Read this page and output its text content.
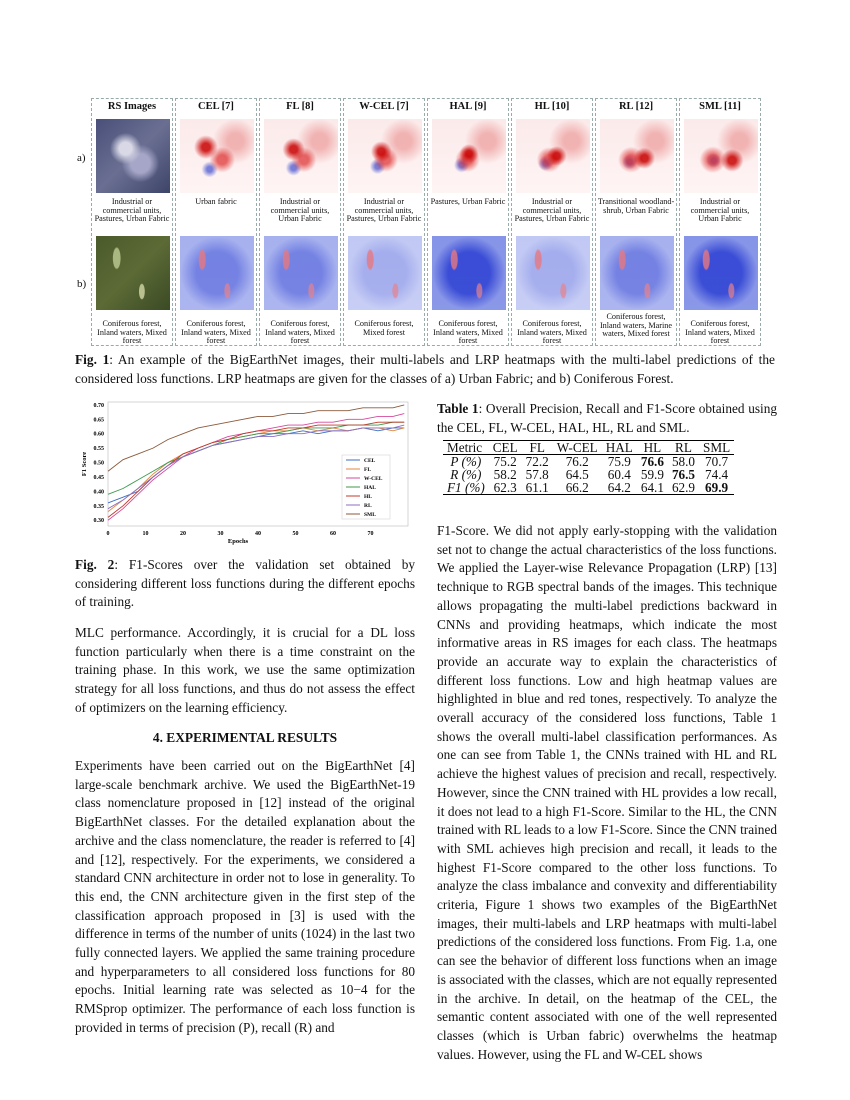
a)
b)
RS Images
Industrial or commercial units, Pastures, Urban Fabric
Coniferous forest, Inland waters, Mixed forest
CEL [7]
Urban fabric
Coniferous forest, Inland waters, Mixed forest
FL [8]
Industrial or commercial units, Urban Fabric
Coniferous forest, Inland waters, Mixed forest
W-CEL [7]
Industrial or commercial units, Pastures, Urban Fabric
Coniferous forest, Mixed forest
HAL [9]
Pastures, Urban Fabric
Coniferous forest, Inland waters, Mixed forest
HL [10]
Industrial or commercial units, Pastures, Urban Fabric
Coniferous forest, Inland waters, Mixed forest
RL [12]
Transitional woodland-shrub, Urban Fabric
Coniferous forest, Inland waters, Marine waters, Mixed forest
SML [11]
Industrial or commercial units, Urban Fabric
Coniferous forest, Inland waters, Mixed forest
Fig. 1: An example of the BigEarthNet images, their multi-labels and LRP heatmaps with the multi-label predictions of the considered loss functions. LRP heatmaps are given for the classes of a) Urban Fabric; and b) Coniferous Forest.
0.30
0.35
0.40
0.45
0.50
0.55
0.60
0.65
0.70
0	10	20	30	40	50	60	70
Epochs
F1 Score	CEL
FL
W-CEL
HAL
HL
RL
SML
Fig. 2: F1-Scores over the validation set obtained by considering different loss functions during the different epochs of training.
MLC performance. Accordingly, it is crucial for a DL loss function particularly when there is a time constraint on the training phase. In this work, we use the same optimization strategy for all loss functions, and thus do not assess the effect of optimizers on the learning efficiency.
4. EXPERIMENTAL RESULTS
Experiments have been carried out on the BigEarthNet [4] large-scale benchmark archive. We used the BigEarthNet-19 class nomenclature proposed in [12] instead of the original BigEarthNet classes. For the detailed explanation about the archive and the class nomenclature, the reader is referred to [4] and [12], respectively. For the experiments, we considered a standard CNN architecture in order not to lose in generality. To this end, the CNN architecture given in the first step of the classification approach proposed in [3] is used with the difference in terms of the number of units (1024) in the last two fully connected layers. We applied the same training procedure and hyperparameters to all considered loss functions for 80 epochs. Initial learning rate was selected as 10−4 for the RMSprop optimizer. The performance of each loss function is provided in terms of precision (P), recall (R) and
Table 1: Overall Precision, Recall and F1-Score obtained using the CEL, FL, W-CEL, HAL, HL, RL and SML.
Metric	CEL	FL	W-CEL	HAL	HL	RL	SML
P (%)	75.2	72.2	76.2	75.9	76.6	58.0	70.7
R (%)	58.2	57.8	64.5	60.4	59.9	76.5	74.4
F1 (%)	62.3	61.1	66.2	64.2	64.1	62.9	69.9
F1-Score. We did not apply early-stopping with the validation set not to change the actual characteristics of the loss functions. We applied the Layer-wise Relevance Propagation (LRP) [13] technique to RGB spectral bands of the images. This technique allows propagating the multi-label predictions backward in CNNs and providing heatmaps, which indicate the most informative areas in RS images for each class. The heatmaps provide an accurate way to explain the characteristics of different loss functions. Low and high heatmap values are highlighted in blue and red tones, respectively. To analyze the overall accuracy of the considered loss functions, Table 1 shows the overall multi-label classification performances. As one can see from Table 1, the CNNs trained with HL and RL achieve the highest values of precision and recall, respectively. However, since the CNN trained with HL provides a low recall, it does not lead to a high F1-Score. Similar to the HL, the CNN trained with RL leads to a low F1-Score. Since the CNN trained with SML achieves high precision and recall, it leads to the highest F1-Score compared to the other loss functions. To analyze the class imbalance and convexity and differentiability criteria, Figure 1 shows two examples of the BigEarthNet images, their multi-labels and LRP heatmaps with multi-label predictions of the considered loss functions. From Fig. 1.a, one can see the behavior of different loss functions when an image is associated with the classes, which are not equally represented in the archive. In detail, on the heatmap of the CEL, the semantic content associated with one of the well represented classes (which is Urban fabric) overwhelms the heatmap values. However, using the FL and W-CEL shows
